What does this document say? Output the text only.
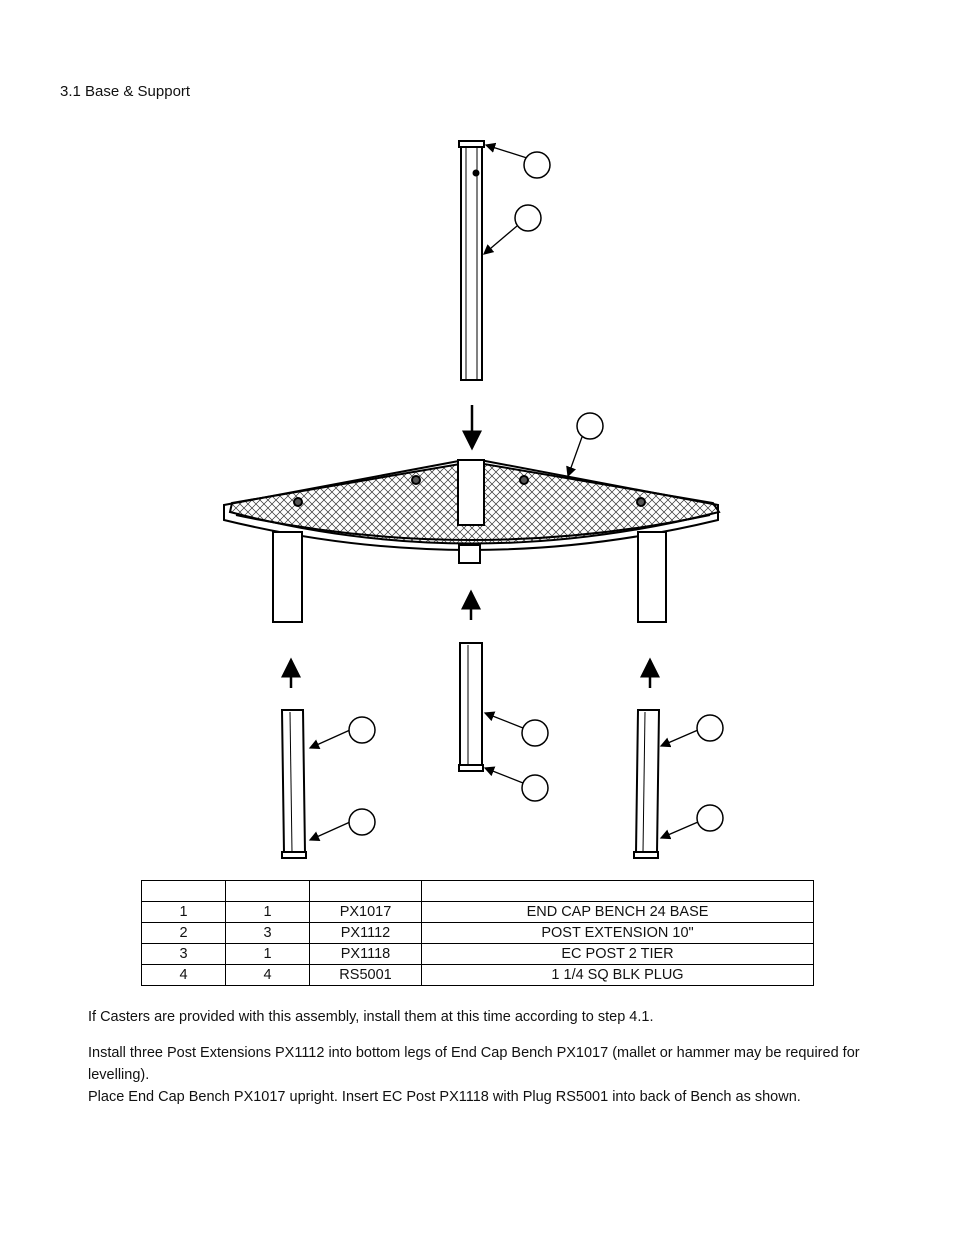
3.1 Base & Support

1	1	PX1017	END CAP BENCH 24 BASE
2	3	PX1112	POST EXTENSION 10"
3	1	PX1118	EC POST 2 TIER
4	4	RS5001	1 1/4 SQ BLK PLUG

If Casters are provided with this assembly, install them at this time according to step 4.1.

Install three Post Extensions PX1112 into bottom legs of End Cap Bench PX1017 (mallet or hammer may be required for levelling).

Place End Cap Bench PX1017 upright. Insert EC Post PX1118 with Plug RS5001 into back of Bench as shown.
